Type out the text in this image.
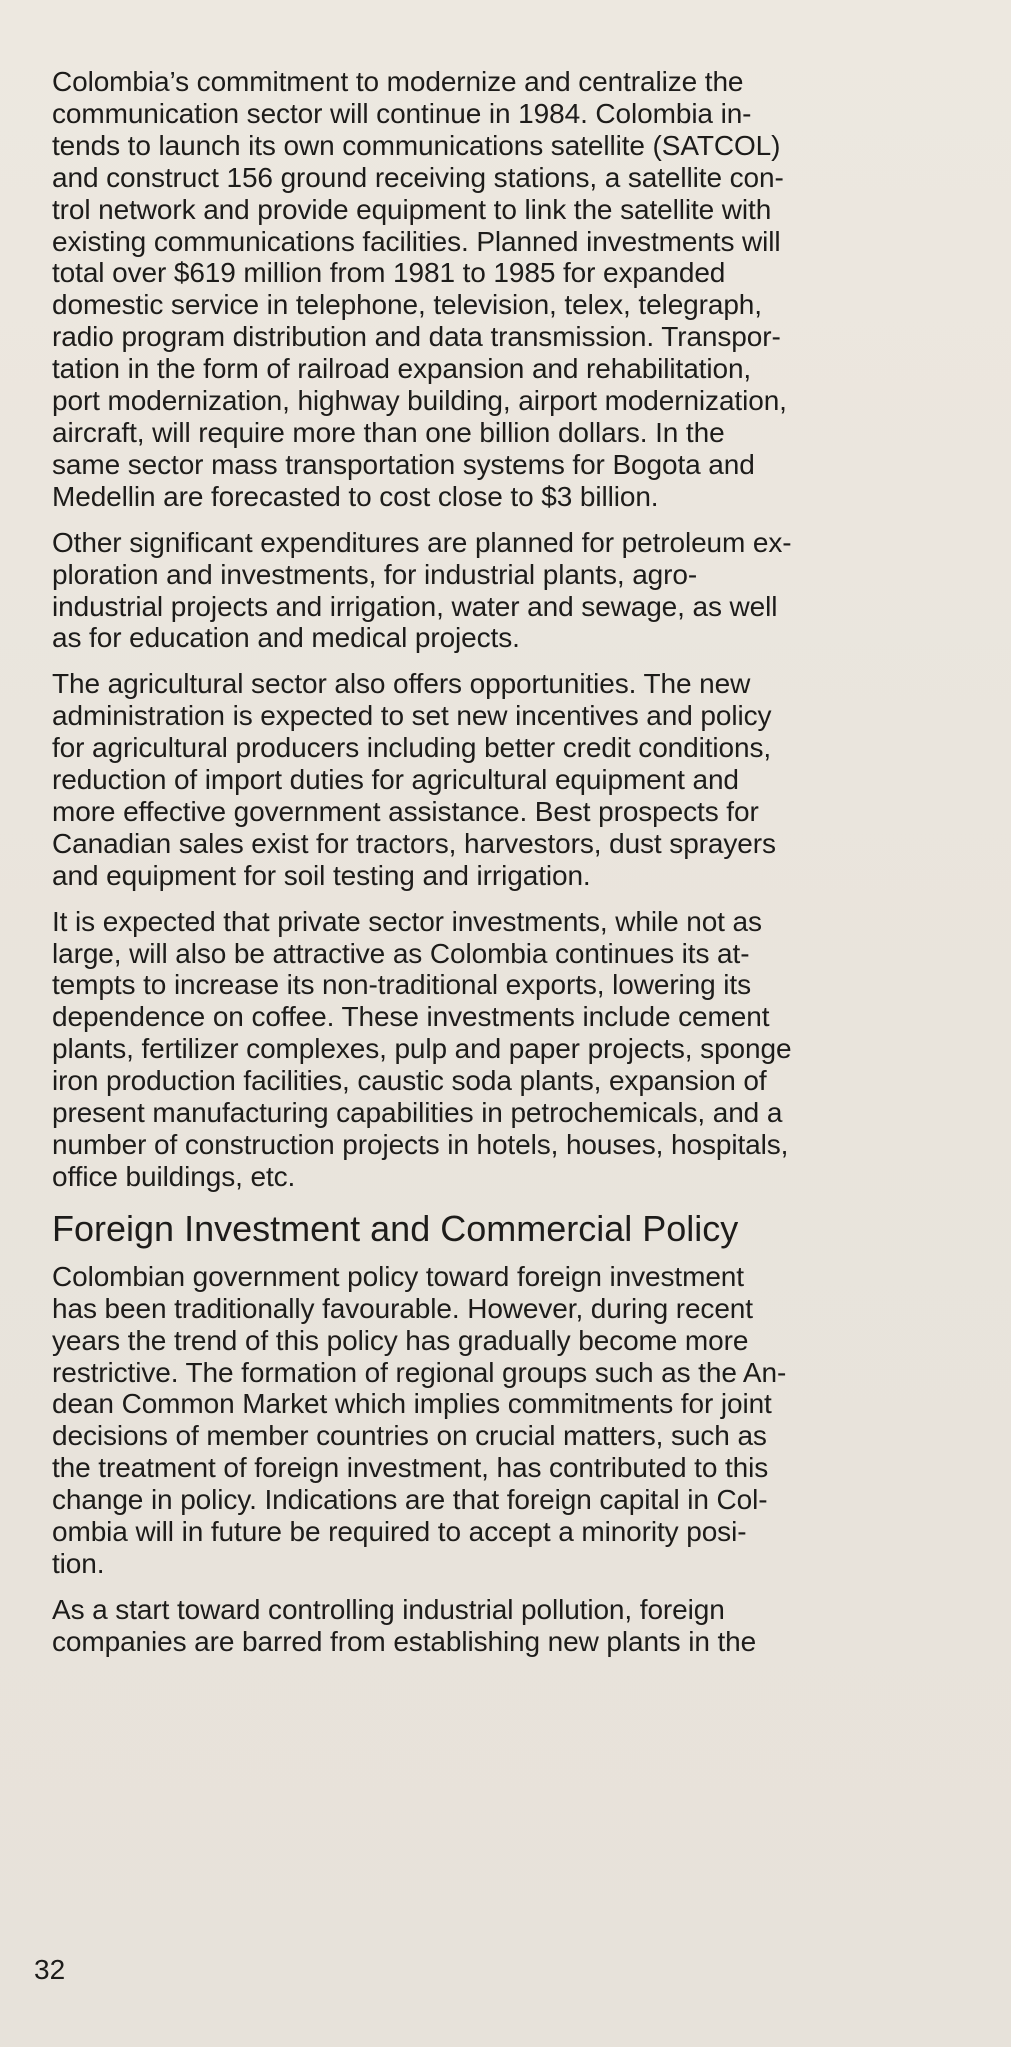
Colombia’s commitment to modernize and centralize the
communication sector will continue in 1984. Colombia in-
tends to launch its own communications satellite (SATCOL)
and construct 156 ground receiving stations, a satellite con-
trol network and provide equipment to link the satellite with
existing communications facilities. Planned investments will
total over $619 million from 1981 to 1985 for expanded
domestic service in telephone, television, telex, telegraph,
radio program distribution and data transmission. Transpor-
tation in the form of railroad expansion and rehabilitation,
port modernization, highway building, airport modernization,
aircraft, will require more than one billion dollars. In the
same sector mass transportation systems for Bogota and
Medellin are forecasted to cost close to $3 billion.

Other significant expenditures are planned for petroleum ex-
ploration and investments, for industrial plants, agro-
industrial projects and irrigation, water and sewage, as well
as for education and medical projects.

The agricultural sector also offers opportunities. The new
administration is expected to set new incentives and policy
for agricultural producers including better credit conditions,
reduction of import duties for agricultural equipment and
more effective government assistance. Best prospects for
Canadian sales exist for tractors, harvestors, dust sprayers
and equipment for soil testing and irrigation.

It is expected that private sector investments, while not as
large, will also be attractive as Colombia continues its at-
tempts to increase its non-traditional exports, lowering its
dependence on coffee. These investments include cement
plants, fertilizer complexes, pulp and paper projects, sponge
iron production facilities, caustic soda plants, expansion of
present manufacturing capabilities in petrochemicals, and a
number of construction projects in hotels, houses, hospitals,
office buildings, etc.

Foreign Investment and Commercial Policy

Colombian government policy toward foreign investment
has been traditionally favourable. However, during recent
years the trend of this policy has gradually become more
restrictive. The formation of regional groups such as the An-
dean Common Market which implies commitments for joint
decisions of member countries on crucial matters, such as
the treatment of foreign investment, has contributed to this
change in policy. Indications are that foreign capital in Col-
ombia will in future be required to accept a minority posi-
tion.

As a start toward controlling industrial pollution, foreign
companies are barred from establishing new plants in the

32
